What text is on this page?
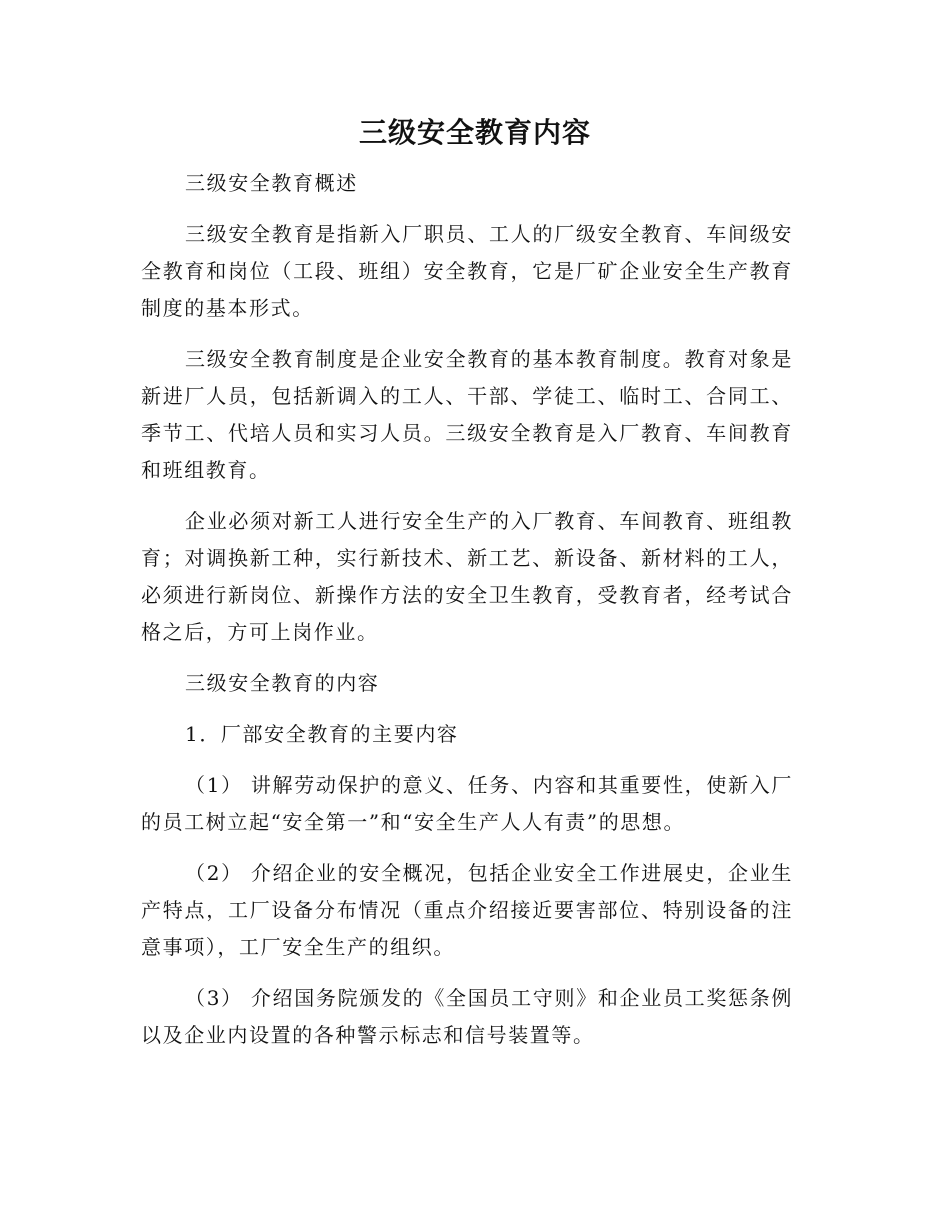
三级安全教育内容

三级安全教育概述

三级安全教育是指新入厂职员、工人的厂级安全教育、车间级安全教育和岗位（工段、班组）安全教育，它是厂矿企业安全生产教育制度的基本形式。

三级安全教育制度是企业安全教育的基本教育制度。教育对象是新进厂人员，包括新调入的工人、干部、学徒工、临时工、合同工、季节工、代培人员和实习人员。三级安全教育是入厂教育、车间教育和班组教育。

企业必须对新工人进行安全生产的入厂教育、车间教育、班组教育；对调换新工种，实行新技术、新工艺、新设备、新材料的工人，必须进行新岗位、新操作方法的安全卫生教育，受教育者，经考试合格之后，方可上岗作业。

三级安全教育的内容

1．厂部安全教育的主要内容

（1） 讲解劳动保护的意义、任务、内容和其重要性，使新入厂的员工树立起“安全第一”和“安全生产人人有责”的思想。

（2） 介绍企业的安全概况，包括企业安全工作进展史，企业生产特点，工厂设备分布情况（重点介绍接近要害部位、特别设备的注意事项），工厂安全生产的组织。

（3） 介绍国务院颁发的《全国员工守则》和企业员工奖惩条例以及企业内设置的各种警示标志和信号装置等。
